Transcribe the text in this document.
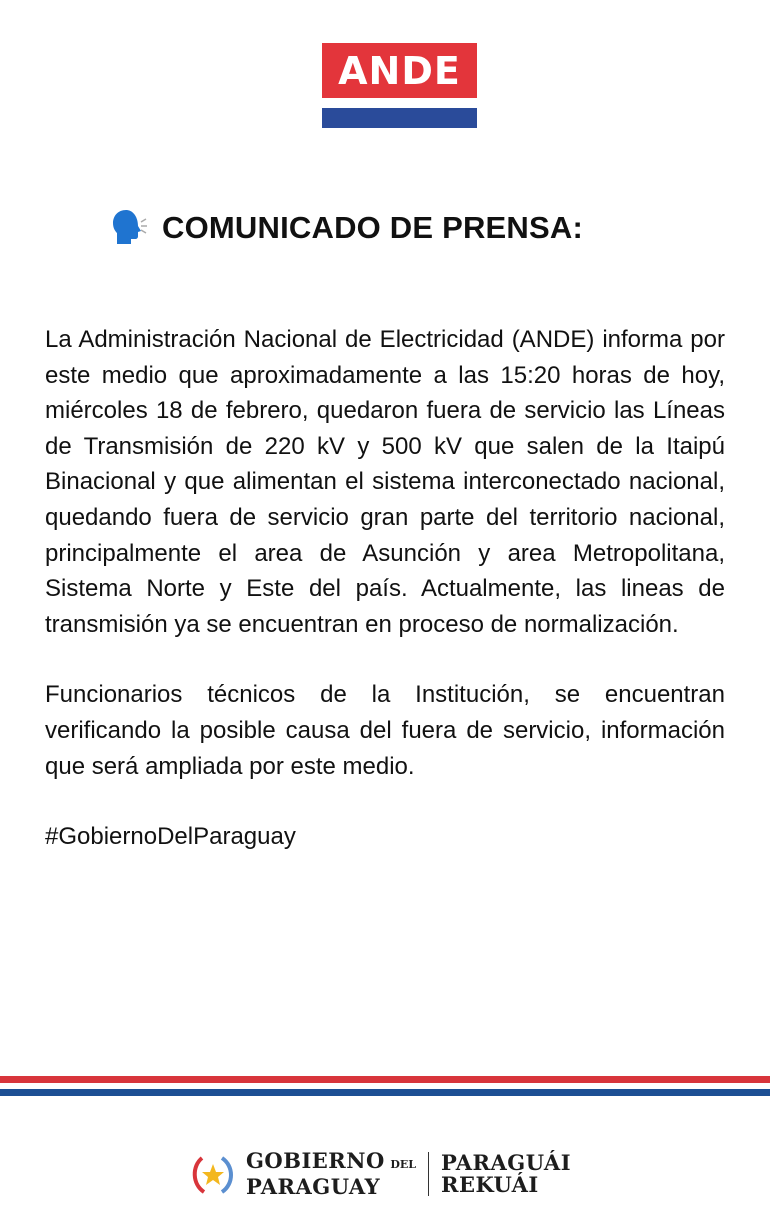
ANDE
COMUNICADO DE PRENSA:

La Administración Nacional de Electricidad (ANDE) informa por este medio que aproximadamente a las 15:20 horas de hoy, miércoles 18 de febrero, quedaron fuera de servicio las Líneas de Transmisión de 220 kV y 500 kV que salen de la Itaipú Binacional y que alimentan el sistema interconectado nacional, quedando fuera de servicio gran parte del territorio nacional, principalmente el area de Asunción y area Metropolitana, Sistema Norte y Este del país. Actualmente, las lineas de transmisión ya se encuentran en proceso de normalización.

Funcionarios técnicos de la Institución, se encuentran verificando la posible causa del fuera de servicio, información que será ampliada por este medio.

#GobiernoDelParaguay

GOBIERNO DEL
PARAGUAY
PARAGUÁI
REKUÁI
